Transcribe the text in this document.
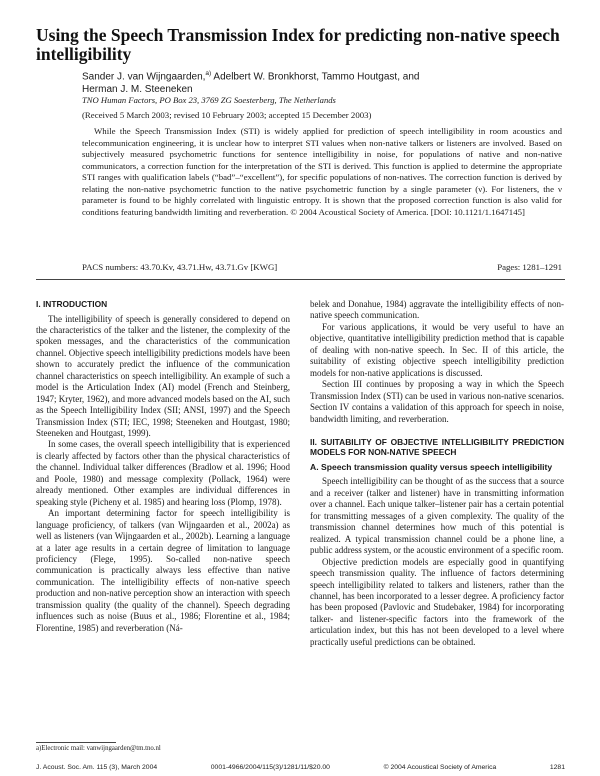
Using the Speech Transmission Index for predicting non-native speech intelligibility
Sander J. van Wijngaarden,$^{a)}$ Adelbert W. Bronkhorst, Tammo Houtgast, and
Herman J. M. Steeneken
TNO Human Factors, PO Box 23, 3769 ZG Soesterberg, The Netherlands
(Received 5 March 2003; revised 10 February 2003; accepted 15 December 2003)
While the Speech Transmission Index (STI) is widely applied for prediction of speech intelligibility in room acoustics and telecommunication engineering, it is unclear how to interpret STI values when non-native talkers or listeners are involved. Based on subjectively measured psychometric functions for sentence intelligibility in noise, for populations of native and non-native communicators, a correction function for the interpretation of the STI is derived. This function is applied to determine the appropriate STI ranges with qualification labels (“bad”–“excellent”), for specific populations of non-natives. The correction function is derived by relating the non-native psychometric function to the native psychometric function by a single parameter (ν). For listeners, the ν parameter is found to be highly correlated with linguistic entropy. It is shown that the proposed correction function is also valid for conditions featuring bandwidth limiting and reverberation. © 2004 Acoustical Society of America. [DOI: 10.1121/1.1647145]
PACS numbers: 43.70.Kv, 43.71.Hw, 43.71.Gv [KWG]	Pages: 1281–1291
I. INTRODUCTION

The intelligibility of speech is generally considered to depend on the characteristics of the talker and the listener, the complexity of the spoken messages, and the characteristics of the communication channel. Objective speech intelligibility predictions models have been shown to accurately predict the influence of the communication channel characteristics on speech intelligibility. An example of such a model is the Articulation Index (AI) model (French and Steinberg, 1947; Kryter, 1962), and more advanced models based on the AI, such as the Speech Intelligibility Index (SII; ANSI, 1997) and the Speech Transmission Index (STI; IEC, 1998; Steeneken and Houtgast, 1980; Steeneken and Houtgast, 1999).

In some cases, the overall speech intelligibility that is experienced is clearly affected by factors other than the physical characteristics of the channel. Individual talker differences (Bradlow et al. 1996; Hood and Poole, 1980) and message complexity (Pollack, 1964) were already mentioned. Other examples are individual differences in speaking style (Picheny et al. 1985) and hearing loss (Plomp, 1978).

An important determining factor for speech intelligibility is language proficiency, of talkers (van Wijngaarden et al., 2002a) as well as listeners (van Wijngaarden et al., 2002b). Learning a language at a later age results in a certain degree of limitation to language proficiency (Flege, 1995). So-called non-native speech communication is practically always less effective than native communication. The intelligibility effects of non-native speech production and non-native perception show an interaction with speech transmission quality (the quality of the channel). Speech degrading influences such as noise (Buus et al., 1986; Florentine et al., 1984; Florentine, 1985) and reverberation (Ná-

belek and Donahue, 1984) aggravate the intelligibility effects of non-native speech communication.

For various applications, it would be very useful to have an objective, quantitative intelligibility prediction method that is capable of dealing with non-native speech. In Sec. II of this article, the suitability of existing objective speech intelligibility prediction models for non-native applications is discussed.

Section III continues by proposing a way in which the Speech Transmission Index (STI) can be used in various non-native scenarios. Section IV contains a validation of this approach for speech in noise, bandwidth limiting, and reverberation.

II. SUITABILITY OF OBJECTIVE INTELLIGIBILITY PREDICTION MODELS FOR NON-NATIVE SPEECH
A. Speech transmission quality versus speech intelligibility

Speech intelligibility can be thought of as the success that a source and a receiver (talker and listener) have in transmitting information over a channel. Each unique talker–listener pair has a certain potential for transmitting messages of a given complexity. The quality of the transmission channel determines how much of this potential is realized. A typical transmission channel could be a phone line, a public address system, or the acoustic environment of a specific room.

Objective prediction models are especially good in quantifying speech transmission quality. The influence of factors determining speech intelligibility related to talkers and listeners, rather than the channel, has been incorporated to a lesser degree. A proficiency factor has been proposed (Pavlovic and Studebaker, 1984) for incorporating talker- and listener-specific factors into the framework of the articulation index, but this has not been developed to a level where practically useful predictions can be obtained.

a)Electronic mail: vanwijngaarden@tm.tno.nl
J. Acoust. Soc. Am. 115 (3), March 2004	0001-4966/2004/115(3)/1281/11/$20.00	© 2004 Acoustical Society of America	1281
